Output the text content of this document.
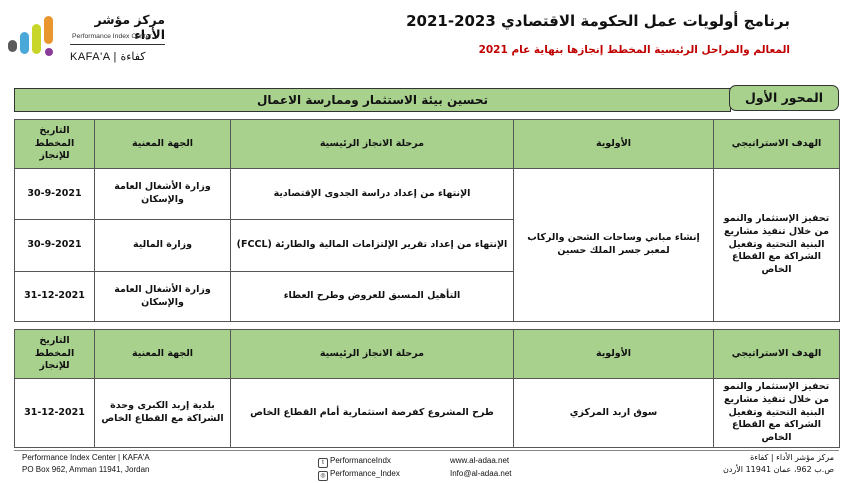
برنامج أولويات عمل الحكومة الاقتصادي 2023-2021
المعالم والمراحل الرئيسية المخطط إنجازها بنهاية عام 2021
مركز مؤشر الأداء
Performance Index Center
KAFA'A | كفاءة
تحسين بيئة الاستثمار وممارسة الاعمال	المحور الأول
الهدف الاستراتيجي	الأولوية	مرحلة الانجاز الرئيسية	الجهة المعنية	التاريخ المخطط للإنجاز
تحفيز الإستثمار والنمو من خلال تنفيذ مشاريع البنية التحتية وتفعيل الشراكة مع القطاع الخاص	إنشاء مباني وساحات الشحن والركاب لمعبر جسر الملك حسين	الإنتهاء من إعداد دراسة الجدوى الإقتصادية	وزارة الأشغال العامة والإسكان	30-9-2021
		الإنتهاء من إعداد تقرير الإلتزامات المالية والطارئة (FCCL)	وزارة المالية	30-9-2021
		التأهيل المسبق للعروض وطرح العطاء	وزارة الأشغال العامة والإسكان	31-12-2021
الهدف الاستراتيجي	الأولوية	مرحلة الانجاز الرئيسية	الجهة المعنية	التاريخ المخطط للإنجاز
تحفيز الإستثمار والنمو من خلال تنفيذ مشاريع البنية التحتية وتفعيل الشراكة مع القطاع الخاص	سوق اربد المركزي	طرح المشروع كفرصة استثمارية أمام القطاع الخاص	بلدية إربد الكبرى وحدة الشراكة مع القطاع الخاص	31-12-2021
Performance Index Center | KAFA'A
PO Box 962, Amman 11941, Jordan
t PerformanceIndx
◎ Performance_Index
www.al-adaa.net
Info@al-adaa.net
مركز مؤشر الأداء | كفاءة
ص.ب 962، عمان 11941 الأردن
